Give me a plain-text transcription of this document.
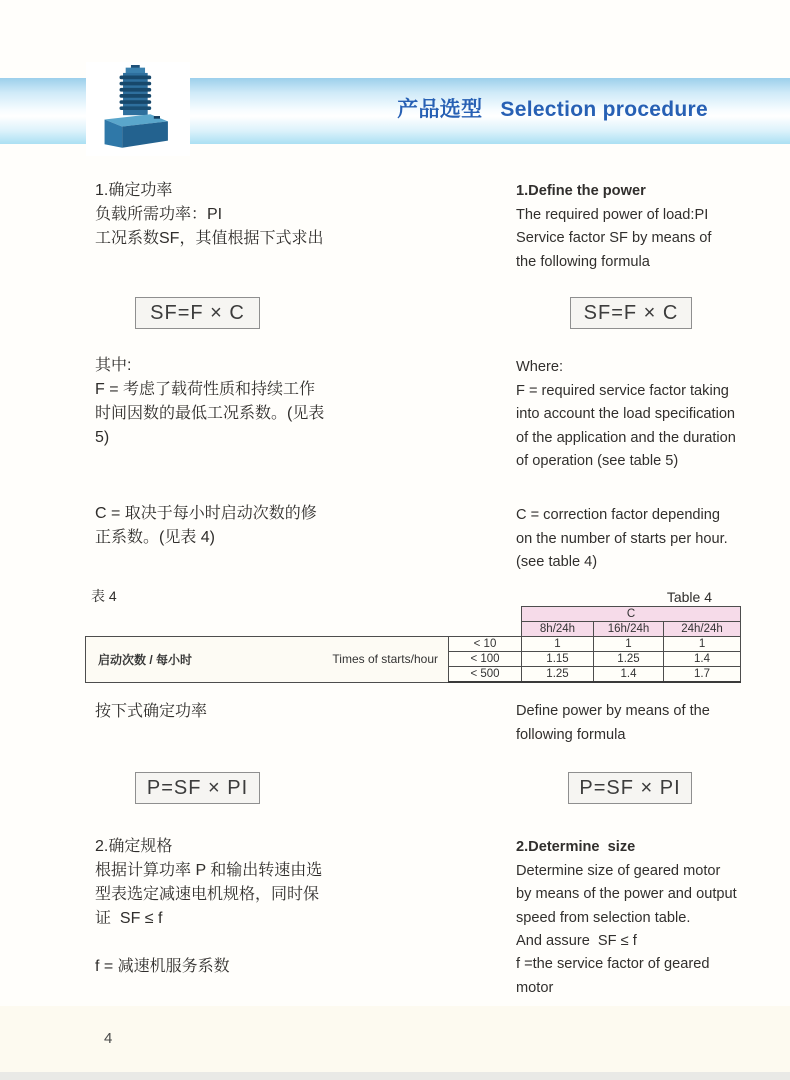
产品选型 Selection procedure
1.确定功率
负载所需功率：PI
工况系数SF，其值根据下式求出
SF=F × C
其中:
F = 考虑了载荷性质和持续工作
时间因数的最低工况系数。(见表
5)
C = 取决于每小时启动次数的修
正系数。(见表 4)
1.Define the power
The required power of load:PI
Service factor SF by means of
the following formula
SF=F × C
Where:
F = required service factor taking
into account the load specification
of the application and the duration
of operation (see table 5)
C = correction factor depending
on the number of starts per hour.
(see table 4)
表 4	Table 4
		C		
		8h/24h	16h/24h	24h/24h

启动次数 / 每小时 Times of starts/hour	< 10	1	1	1
	< 100	1.15	1.25	1.4
	< 500	1.25	1.4	1.7
按下式确定功率	Define power by means of the
following formula
P=SF × PI	P=SF × PI
2.确定规格
根据计算功率 P 和输出转速由选
型表选定减速电机规格，同时保
证  SF ≤ f
f = 减速机服务系数
2.Determine  size
Determine size of geared motor
by means of the power and output
speed from selection table.
And assure  SF ≤ f
f =the service factor of geared
motor
4
